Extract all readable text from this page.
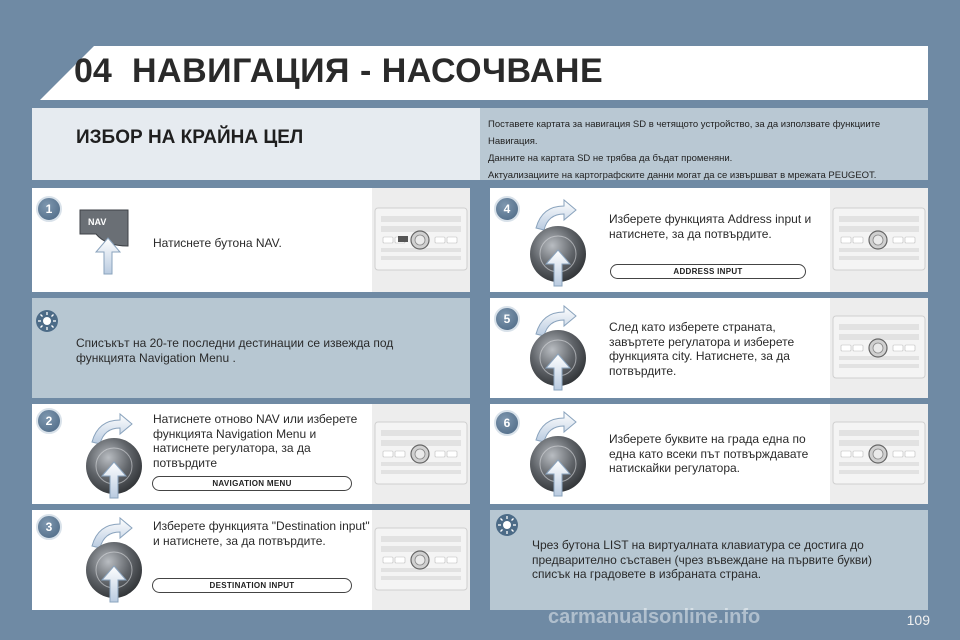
04 НАВИГАЦИЯ - НАСОЧВАНЕ
ИЗБОР НА КРАЙНА ЦЕЛ
Поставете картата за навигация SD в четящото устройство, за да използвате функциите
Навигация.
Данните на картата SD не трябва да бъдат променяни.
Актуализациите на картографските данни могат да се извършват в мрежата PEUGEOT.
1
NAV
Натиснете бутона NAV.
Списъкът на 20-те последни дестинации се извежда под функцията Navigation Menu .
2	Натиснете отново NAV или изберете функцията Navigation Menu и натиснете регулатора, за да потвърдите
NAVIGATION MENU
3	Изберете функцията "Destination input" и натиснете, за да потвърдите.
DESTINATION INPUT
4
Изберете функцията Address input и натиснете, за да потвърдите.
ADDRESS INPUT
5
След като изберете страната, завъртете регулатора и изберете функцията city. Натиснете, за да потвърдите.
6
Изберете буквите на града една по една като всеки път потвърждавате натискайки регулатора.
Чрез бутона LIST на виртуалната клавиатура се достига до предварително съставен (чрез въвеждане на първите букви) списък на градовете в избраната страна.
carmanualsonline.info	109
